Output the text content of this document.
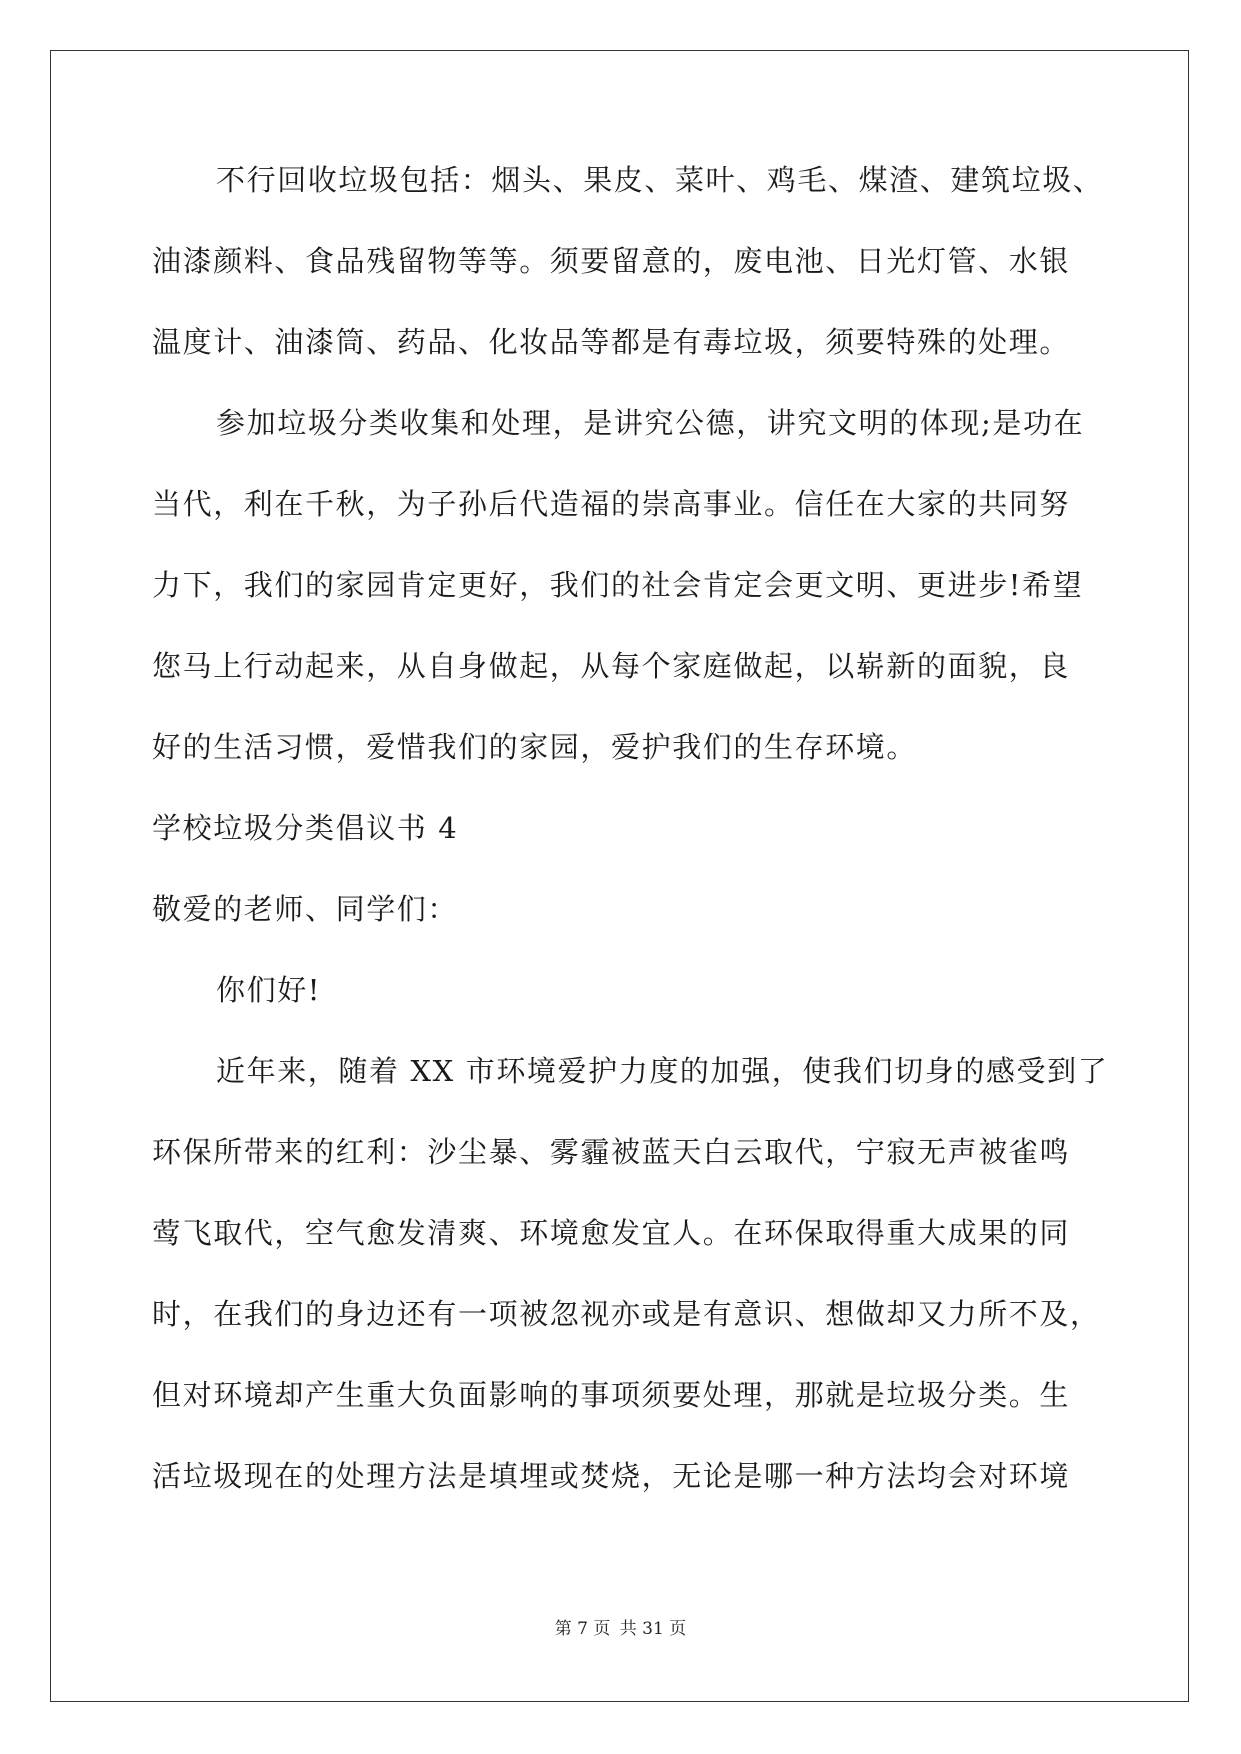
不行回收垃圾包括：烟头、果皮、菜叶、鸡毛、煤渣、建筑垃圾、
油漆颜料、食品残留物等等。须要留意的，废电池、日光灯管、水银
温度计、油漆筒、药品、化妆品等都是有毒垃圾，须要特殊的处理。
参加垃圾分类收集和处理，是讲究公德，讲究文明的体现;是功在
当代，利在千秋，为子孙后代造福的崇高事业。信任在大家的共同努
力下，我们的家园肯定更好，我们的社会肯定会更文明、更进步!希望
您马上行动起来，从自身做起，从每个家庭做起，以崭新的面貌，良
好的生活习惯，爱惜我们的家园，爱护我们的生存环境。
学校垃圾分类倡议书 4
敬爱的老师、同学们：
你们好!
近年来，随着 XX 市环境爱护力度的加强，使我们切身的感受到了
环保所带来的红利：沙尘暴、雾霾被蓝天白云取代，宁寂无声被雀鸣
莺飞取代，空气愈发清爽、环境愈发宜人。在环保取得重大成果的同
时，在我们的身边还有一项被忽视亦或是有意识、想做却又力所不及，
但对环境却产生重大负面影响的事项须要处理，那就是垃圾分类。生
活垃圾现在的处理方法是填埋或焚烧，无论是哪一种方法均会对环境
第 7 页 共 31 页
